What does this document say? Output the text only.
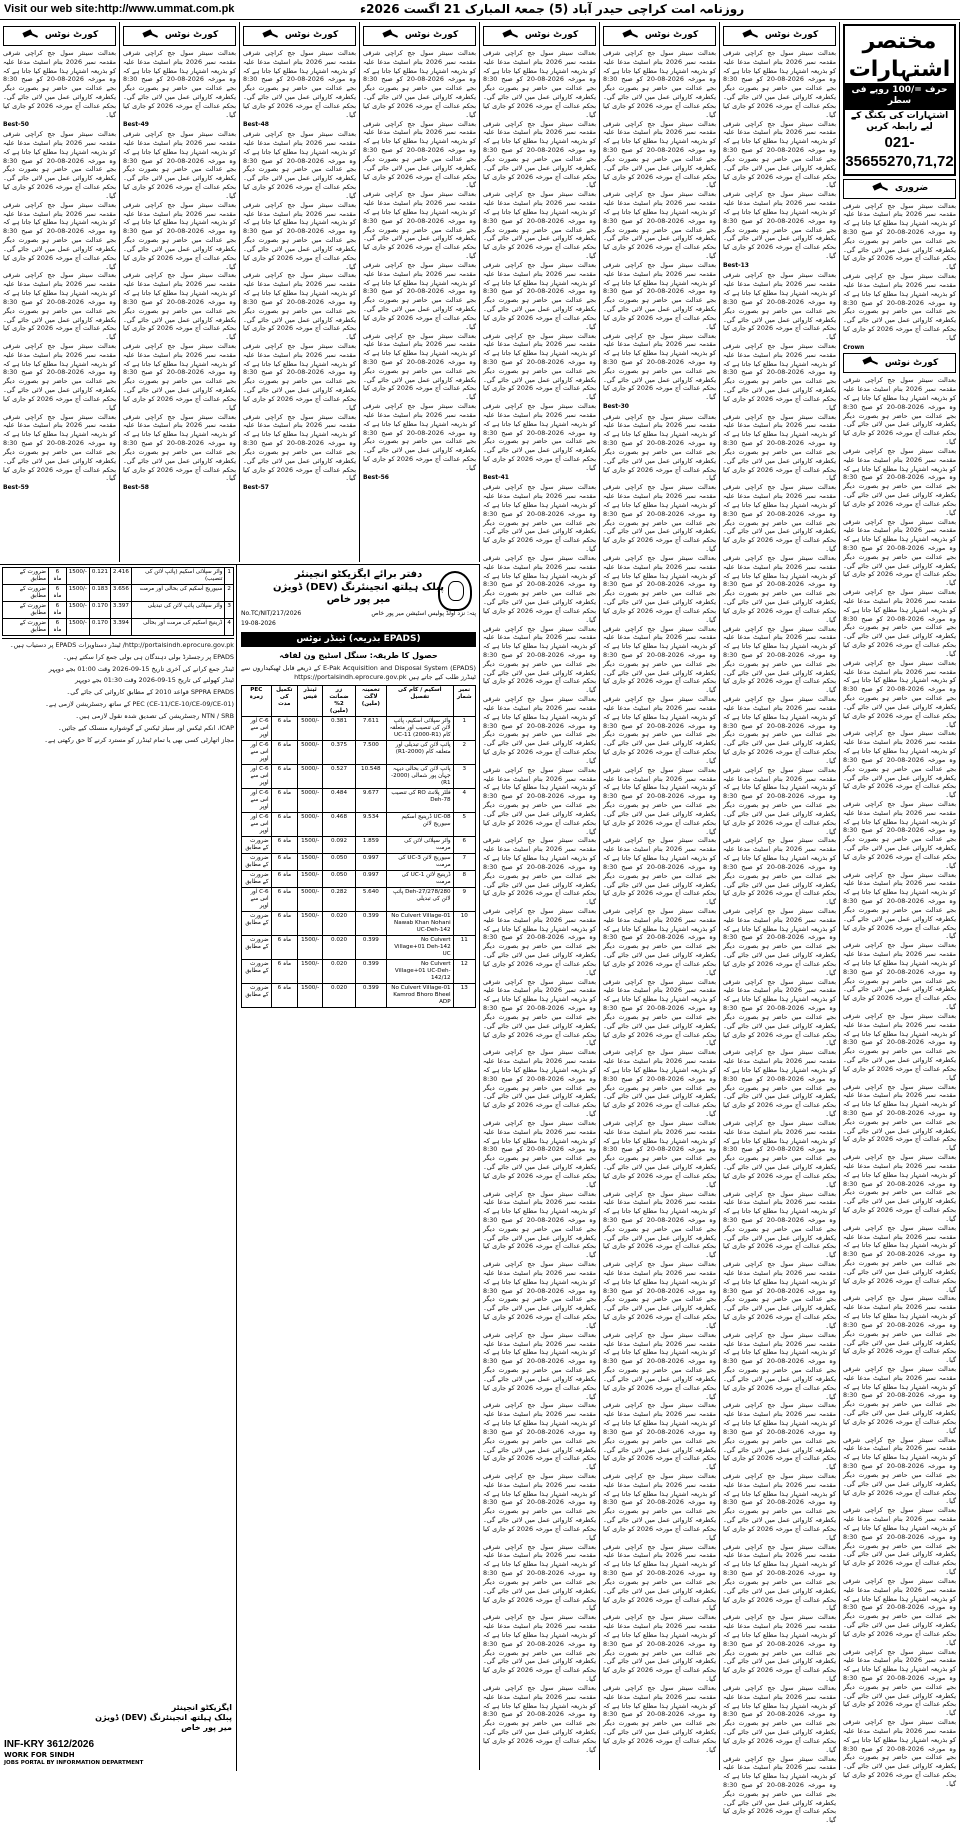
Visit our web site:http://www.ummat.com.pk	روزنامہ امت کراچی حیدر آباد (5) جمعۃ المبارک 21 اگست 2026ء
مختصر اشتہارات
حرف =/100 روپے فی سطر
اشتہارات کی بکنگ کے لیے رابطہ کریں
021-35655270,71,72
ضروری
بعدالت سینئر سول جج کراچی شرقی مقدمہ نمبر 2026 بنام اسٹیٹ مدعا علیہ کو بذریعہ اشتہار ہذا مطلع کیا جاتا ہے کہ وہ مورخہ 2026-08-20 کو صبح 8:30 بجے عدالت میں حاضر ہو بصورت دیگر یکطرفہ کاروائی عمل میں لائی جائے گی۔ بحکم عدالت آج مورخہ 2026 کو جاری کیا گیا۔
بعدالت سینئر سول جج کراچی شرقی مقدمہ نمبر 2026 بنام اسٹیٹ مدعا علیہ کو بذریعہ اشتہار ہذا مطلع کیا جاتا ہے کہ وہ مورخہ 2026-08-20 کو صبح 8:30 بجے عدالت میں حاضر ہو بصورت دیگر یکطرفہ کاروائی عمل میں لائی جائے گی۔ بحکم عدالت آج مورخہ 2026 کو جاری کیا گیا۔
Crown
کورٹ نوٹس
بعدالت سینئر سول جج کراچی شرقی مقدمہ نمبر 2026 بنام اسٹیٹ مدعا علیہ کو بذریعہ اشتہار ہذا مطلع کیا جاتا ہے کہ وہ مورخہ 2026-08-20 کو صبح 8:30 بجے عدالت میں حاضر ہو بصورت دیگر یکطرفہ کاروائی عمل میں لائی جائے گی۔ بحکم عدالت آج مورخہ 2026 کو جاری کیا گیا۔
بعدالت سینئر سول جج کراچی شرقی مقدمہ نمبر 2026 بنام اسٹیٹ مدعا علیہ کو بذریعہ اشتہار ہذا مطلع کیا جاتا ہے کہ وہ مورخہ 2026-08-20 کو صبح 8:30 بجے عدالت میں حاضر ہو بصورت دیگر یکطرفہ کاروائی عمل میں لائی جائے گی۔ بحکم عدالت آج مورخہ 2026 کو جاری کیا گیا۔
بعدالت سینئر سول جج کراچی شرقی مقدمہ نمبر 2026 بنام اسٹیٹ مدعا علیہ کو بذریعہ اشتہار ہذا مطلع کیا جاتا ہے کہ وہ مورخہ 2026-08-20 کو صبح 8:30 بجے عدالت میں حاضر ہو بصورت دیگر یکطرفہ کاروائی عمل میں لائی جائے گی۔ بحکم عدالت آج مورخہ 2026 کو جاری کیا گیا۔
بعدالت سینئر سول جج کراچی شرقی مقدمہ نمبر 2026 بنام اسٹیٹ مدعا علیہ کو بذریعہ اشتہار ہذا مطلع کیا جاتا ہے کہ وہ مورخہ 2026-08-20 کو صبح 8:30 بجے عدالت میں حاضر ہو بصورت دیگر یکطرفہ کاروائی عمل میں لائی جائے گی۔ بحکم عدالت آج مورخہ 2026 کو جاری کیا گیا۔
بعدالت سینئر سول جج کراچی شرقی مقدمہ نمبر 2026 بنام اسٹیٹ مدعا علیہ کو بذریعہ اشتہار ہذا مطلع کیا جاتا ہے کہ وہ مورخہ 2026-08-20 کو صبح 8:30 بجے عدالت میں حاضر ہو بصورت دیگر یکطرفہ کاروائی عمل میں لائی جائے گی۔ بحکم عدالت آج مورخہ 2026 کو جاری کیا گیا۔
بعدالت سینئر سول جج کراچی شرقی مقدمہ نمبر 2026 بنام اسٹیٹ مدعا علیہ کو بذریعہ اشتہار ہذا مطلع کیا جاتا ہے کہ وہ مورخہ 2026-08-20 کو صبح 8:30 بجے عدالت میں حاضر ہو بصورت دیگر یکطرفہ کاروائی عمل میں لائی جائے گی۔ بحکم عدالت آج مورخہ 2026 کو جاری کیا گیا۔
بعدالت سینئر سول جج کراچی شرقی مقدمہ نمبر 2026 بنام اسٹیٹ مدعا علیہ کو بذریعہ اشتہار ہذا مطلع کیا جاتا ہے کہ وہ مورخہ 2026-08-20 کو صبح 8:30 بجے عدالت میں حاضر ہو بصورت دیگر یکطرفہ کاروائی عمل میں لائی جائے گی۔ بحکم عدالت آج مورخہ 2026 کو جاری کیا گیا۔
بعدالت سینئر سول جج کراچی شرقی مقدمہ نمبر 2026 بنام اسٹیٹ مدعا علیہ کو بذریعہ اشتہار ہذا مطلع کیا جاتا ہے کہ وہ مورخہ 2026-08-20 کو صبح 8:30 بجے عدالت میں حاضر ہو بصورت دیگر یکطرفہ کاروائی عمل میں لائی جائے گی۔ بحکم عدالت آج مورخہ 2026 کو جاری کیا گیا۔
بعدالت سینئر سول جج کراچی شرقی مقدمہ نمبر 2026 بنام اسٹیٹ مدعا علیہ کو بذریعہ اشتہار ہذا مطلع کیا جاتا ہے کہ وہ مورخہ 2026-08-20 کو صبح 8:30 بجے عدالت میں حاضر ہو بصورت دیگر یکطرفہ کاروائی عمل میں لائی جائے گی۔ بحکم عدالت آج مورخہ 2026 کو جاری کیا گیا۔
بعدالت سینئر سول جج کراچی شرقی مقدمہ نمبر 2026 بنام اسٹیٹ مدعا علیہ کو بذریعہ اشتہار ہذا مطلع کیا جاتا ہے کہ وہ مورخہ 2026-08-20 کو صبح 8:30 بجے عدالت میں حاضر ہو بصورت دیگر یکطرفہ کاروائی عمل میں لائی جائے گی۔ بحکم عدالت آج مورخہ 2026 کو جاری کیا گیا۔
بعدالت سینئر سول جج کراچی شرقی مقدمہ نمبر 2026 بنام اسٹیٹ مدعا علیہ کو بذریعہ اشتہار ہذا مطلع کیا جاتا ہے کہ وہ مورخہ 2026-08-20 کو صبح 8:30 بجے عدالت میں حاضر ہو بصورت دیگر یکطرفہ کاروائی عمل میں لائی جائے گی۔ بحکم عدالت آج مورخہ 2026 کو جاری کیا گیا۔
بعدالت سینئر سول جج کراچی شرقی مقدمہ نمبر 2026 بنام اسٹیٹ مدعا علیہ کو بذریعہ اشتہار ہذا مطلع کیا جاتا ہے کہ وہ مورخہ 2026-08-20 کو صبح 8:30 بجے عدالت میں حاضر ہو بصورت دیگر یکطرفہ کاروائی عمل میں لائی جائے گی۔ بحکم عدالت آج مورخہ 2026 کو جاری کیا گیا۔
بعدالت سینئر سول جج کراچی شرقی مقدمہ نمبر 2026 بنام اسٹیٹ مدعا علیہ کو بذریعہ اشتہار ہذا مطلع کیا جاتا ہے کہ وہ مورخہ 2026-08-20 کو صبح 8:30 بجے عدالت میں حاضر ہو بصورت دیگر یکطرفہ کاروائی عمل میں لائی جائے گی۔ بحکم عدالت آج مورخہ 2026 کو جاری کیا گیا۔
بعدالت سینئر سول جج کراچی شرقی مقدمہ نمبر 2026 بنام اسٹیٹ مدعا علیہ کو بذریعہ اشتہار ہذا مطلع کیا جاتا ہے کہ وہ مورخہ 2026-08-20 کو صبح 8:30 بجے عدالت میں حاضر ہو بصورت دیگر یکطرفہ کاروائی عمل میں لائی جائے گی۔ بحکم عدالت آج مورخہ 2026 کو جاری کیا گیا۔
بعدالت سینئر سول جج کراچی شرقی مقدمہ نمبر 2026 بنام اسٹیٹ مدعا علیہ کو بذریعہ اشتہار ہذا مطلع کیا جاتا ہے کہ وہ مورخہ 2026-08-20 کو صبح 8:30 بجے عدالت میں حاضر ہو بصورت دیگر یکطرفہ کاروائی عمل میں لائی جائے گی۔ بحکم عدالت آج مورخہ 2026 کو جاری کیا گیا۔
بعدالت سینئر سول جج کراچی شرقی مقدمہ نمبر 2026 بنام اسٹیٹ مدعا علیہ کو بذریعہ اشتہار ہذا مطلع کیا جاتا ہے کہ وہ مورخہ 2026-08-20 کو صبح 8:30 بجے عدالت میں حاضر ہو بصورت دیگر یکطرفہ کاروائی عمل میں لائی جائے گی۔ بحکم عدالت آج مورخہ 2026 کو جاری کیا گیا۔
بعدالت سینئر سول جج کراچی شرقی مقدمہ نمبر 2026 بنام اسٹیٹ مدعا علیہ کو بذریعہ اشتہار ہذا مطلع کیا جاتا ہے کہ وہ مورخہ 2026-08-20 کو صبح 8:30 بجے عدالت میں حاضر ہو بصورت دیگر یکطرفہ کاروائی عمل میں لائی جائے گی۔ بحکم عدالت آج مورخہ 2026 کو جاری کیا گیا۔
بعدالت سینئر سول جج کراچی شرقی مقدمہ نمبر 2026 بنام اسٹیٹ مدعا علیہ کو بذریعہ اشتہار ہذا مطلع کیا جاتا ہے کہ وہ مورخہ 2026-08-20 کو صبح 8:30 بجے عدالت میں حاضر ہو بصورت دیگر یکطرفہ کاروائی عمل میں لائی جائے گی۔ بحکم عدالت آج مورخہ 2026 کو جاری کیا گیا۔
بعدالت سینئر سول جج کراچی شرقی مقدمہ نمبر 2026 بنام اسٹیٹ مدعا علیہ کو بذریعہ اشتہار ہذا مطلع کیا جاتا ہے کہ وہ مورخہ 2026-08-20 کو صبح 8:30 بجے عدالت میں حاضر ہو بصورت دیگر یکطرفہ کاروائی عمل میں لائی جائے گی۔ بحکم عدالت آج مورخہ 2026 کو جاری کیا گیا۔
بعدالت سینئر سول جج کراچی شرقی مقدمہ نمبر 2026 بنام اسٹیٹ مدعا علیہ کو بذریعہ اشتہار ہذا مطلع کیا جاتا ہے کہ وہ مورخہ 2026-08-20 کو صبح 8:30 بجے عدالت میں حاضر ہو بصورت دیگر یکطرفہ کاروائی عمل میں لائی جائے گی۔ بحکم عدالت آج مورخہ 2026 کو جاری کیا گیا۔
کورٹ نوٹس
بعدالت سینئر سول جج کراچی شرقی مقدمہ نمبر 2026 بنام اسٹیٹ مدعا علیہ کو بذریعہ اشتہار ہذا مطلع کیا جاتا ہے کہ وہ مورخہ 2026-08-20 کو صبح 8:30 بجے عدالت میں حاضر ہو بصورت دیگر یکطرفہ کاروائی عمل میں لائی جائے گی۔ بحکم عدالت آج مورخہ 2026 کو جاری کیا گیا۔
بعدالت سینئر سول جج کراچی شرقی مقدمہ نمبر 2026 بنام اسٹیٹ مدعا علیہ کو بذریعہ اشتہار ہذا مطلع کیا جاتا ہے کہ وہ مورخہ 2026-08-20 کو صبح 8:30 بجے عدالت میں حاضر ہو بصورت دیگر یکطرفہ کاروائی عمل میں لائی جائے گی۔ بحکم عدالت آج مورخہ 2026 کو جاری کیا گیا۔
بعدالت سینئر سول جج کراچی شرقی مقدمہ نمبر 2026 بنام اسٹیٹ مدعا علیہ کو بذریعہ اشتہار ہذا مطلع کیا جاتا ہے کہ وہ مورخہ 2026-08-20 کو صبح 8:30 بجے عدالت میں حاضر ہو بصورت دیگر یکطرفہ کاروائی عمل میں لائی جائے گی۔ بحکم عدالت آج مورخہ 2026 کو جاری کیا گیا۔
Best-13
بعدالت سینئر سول جج کراچی شرقی مقدمہ نمبر 2026 بنام اسٹیٹ مدعا علیہ کو بذریعہ اشتہار ہذا مطلع کیا جاتا ہے کہ وہ مورخہ 2026-08-20 کو صبح 8:30 بجے عدالت میں حاضر ہو بصورت دیگر یکطرفہ کاروائی عمل میں لائی جائے گی۔ بحکم عدالت آج مورخہ 2026 کو جاری کیا گیا۔
بعدالت سینئر سول جج کراچی شرقی مقدمہ نمبر 2026 بنام اسٹیٹ مدعا علیہ کو بذریعہ اشتہار ہذا مطلع کیا جاتا ہے کہ وہ مورخہ 2026-08-20 کو صبح 8:30 بجے عدالت میں حاضر ہو بصورت دیگر یکطرفہ کاروائی عمل میں لائی جائے گی۔ بحکم عدالت آج مورخہ 2026 کو جاری کیا گیا۔
بعدالت سینئر سول جج کراچی شرقی مقدمہ نمبر 2026 بنام اسٹیٹ مدعا علیہ کو بذریعہ اشتہار ہذا مطلع کیا جاتا ہے کہ وہ مورخہ 2026-08-20 کو صبح 8:30 بجے عدالت میں حاضر ہو بصورت دیگر یکطرفہ کاروائی عمل میں لائی جائے گی۔ بحکم عدالت آج مورخہ 2026 کو جاری کیا گیا۔
بعدالت سینئر سول جج کراچی شرقی مقدمہ نمبر 2026 بنام اسٹیٹ مدعا علیہ کو بذریعہ اشتہار ہذا مطلع کیا جاتا ہے کہ وہ مورخہ 2026-08-20 کو صبح 8:30 بجے عدالت میں حاضر ہو بصورت دیگر یکطرفہ کاروائی عمل میں لائی جائے گی۔ بحکم عدالت آج مورخہ 2026 کو جاری کیا گیا۔
بعدالت سینئر سول جج کراچی شرقی مقدمہ نمبر 2026 بنام اسٹیٹ مدعا علیہ کو بذریعہ اشتہار ہذا مطلع کیا جاتا ہے کہ وہ مورخہ 2026-08-20 کو صبح 8:30 بجے عدالت میں حاضر ہو بصورت دیگر یکطرفہ کاروائی عمل میں لائی جائے گی۔ بحکم عدالت آج مورخہ 2026 کو جاری کیا گیا۔
بعدالت سینئر سول جج کراچی شرقی مقدمہ نمبر 2026 بنام اسٹیٹ مدعا علیہ کو بذریعہ اشتہار ہذا مطلع کیا جاتا ہے کہ وہ مورخہ 2026-08-20 کو صبح 8:30 بجے عدالت میں حاضر ہو بصورت دیگر یکطرفہ کاروائی عمل میں لائی جائے گی۔ بحکم عدالت آج مورخہ 2026 کو جاری کیا گیا۔
بعدالت سینئر سول جج کراچی شرقی مقدمہ نمبر 2026 بنام اسٹیٹ مدعا علیہ کو بذریعہ اشتہار ہذا مطلع کیا جاتا ہے کہ وہ مورخہ 2026-08-20 کو صبح 8:30 بجے عدالت میں حاضر ہو بصورت دیگر یکطرفہ کاروائی عمل میں لائی جائے گی۔ بحکم عدالت آج مورخہ 2026 کو جاری کیا گیا۔
بعدالت سینئر سول جج کراچی شرقی مقدمہ نمبر 2026 بنام اسٹیٹ مدعا علیہ کو بذریعہ اشتہار ہذا مطلع کیا جاتا ہے کہ وہ مورخہ 2026-08-20 کو صبح 8:30 بجے عدالت میں حاضر ہو بصورت دیگر یکطرفہ کاروائی عمل میں لائی جائے گی۔ بحکم عدالت آج مورخہ 2026 کو جاری کیا گیا۔
بعدالت سینئر سول جج کراچی شرقی مقدمہ نمبر 2026 بنام اسٹیٹ مدعا علیہ کو بذریعہ اشتہار ہذا مطلع کیا جاتا ہے کہ وہ مورخہ 2026-08-20 کو صبح 8:30 بجے عدالت میں حاضر ہو بصورت دیگر یکطرفہ کاروائی عمل میں لائی جائے گی۔ بحکم عدالت آج مورخہ 2026 کو جاری کیا گیا۔
بعدالت سینئر سول جج کراچی شرقی مقدمہ نمبر 2026 بنام اسٹیٹ مدعا علیہ کو بذریعہ اشتہار ہذا مطلع کیا جاتا ہے کہ وہ مورخہ 2026-08-20 کو صبح 8:30 بجے عدالت میں حاضر ہو بصورت دیگر یکطرفہ کاروائی عمل میں لائی جائے گی۔ بحکم عدالت آج مورخہ 2026 کو جاری کیا گیا۔
بعدالت سینئر سول جج کراچی شرقی مقدمہ نمبر 2026 بنام اسٹیٹ مدعا علیہ کو بذریعہ اشتہار ہذا مطلع کیا جاتا ہے کہ وہ مورخہ 2026-08-20 کو صبح 8:30 بجے عدالت میں حاضر ہو بصورت دیگر یکطرفہ کاروائی عمل میں لائی جائے گی۔ بحکم عدالت آج مورخہ 2026 کو جاری کیا گیا۔
بعدالت سینئر سول جج کراچی شرقی مقدمہ نمبر 2026 بنام اسٹیٹ مدعا علیہ کو بذریعہ اشتہار ہذا مطلع کیا جاتا ہے کہ وہ مورخہ 2026-08-20 کو صبح 8:30 بجے عدالت میں حاضر ہو بصورت دیگر یکطرفہ کاروائی عمل میں لائی جائے گی۔ بحکم عدالت آج مورخہ 2026 کو جاری کیا گیا۔
بعدالت سینئر سول جج کراچی شرقی مقدمہ نمبر 2026 بنام اسٹیٹ مدعا علیہ کو بذریعہ اشتہار ہذا مطلع کیا جاتا ہے کہ وہ مورخہ 2026-08-20 کو صبح 8:30 بجے عدالت میں حاضر ہو بصورت دیگر یکطرفہ کاروائی عمل میں لائی جائے گی۔ بحکم عدالت آج مورخہ 2026 کو جاری کیا گیا۔
بعدالت سینئر سول جج کراچی شرقی مقدمہ نمبر 2026 بنام اسٹیٹ مدعا علیہ کو بذریعہ اشتہار ہذا مطلع کیا جاتا ہے کہ وہ مورخہ 2026-08-20 کو صبح 8:30 بجے عدالت میں حاضر ہو بصورت دیگر یکطرفہ کاروائی عمل میں لائی جائے گی۔ بحکم عدالت آج مورخہ 2026 کو جاری کیا گیا۔
بعدالت سینئر سول جج کراچی شرقی مقدمہ نمبر 2026 بنام اسٹیٹ مدعا علیہ کو بذریعہ اشتہار ہذا مطلع کیا جاتا ہے کہ وہ مورخہ 2026-08-20 کو صبح 8:30 بجے عدالت میں حاضر ہو بصورت دیگر یکطرفہ کاروائی عمل میں لائی جائے گی۔ بحکم عدالت آج مورخہ 2026 کو جاری کیا گیا۔
بعدالت سینئر سول جج کراچی شرقی مقدمہ نمبر 2026 بنام اسٹیٹ مدعا علیہ کو بذریعہ اشتہار ہذا مطلع کیا جاتا ہے کہ وہ مورخہ 2026-08-20 کو صبح 8:30 بجے عدالت میں حاضر ہو بصورت دیگر یکطرفہ کاروائی عمل میں لائی جائے گی۔ بحکم عدالت آج مورخہ 2026 کو جاری کیا گیا۔
بعدالت سینئر سول جج کراچی شرقی مقدمہ نمبر 2026 بنام اسٹیٹ مدعا علیہ کو بذریعہ اشتہار ہذا مطلع کیا جاتا ہے کہ وہ مورخہ 2026-08-20 کو صبح 8:30 بجے عدالت میں حاضر ہو بصورت دیگر یکطرفہ کاروائی عمل میں لائی جائے گی۔ بحکم عدالت آج مورخہ 2026 کو جاری کیا گیا۔
بعدالت سینئر سول جج کراچی شرقی مقدمہ نمبر 2026 بنام اسٹیٹ مدعا علیہ کو بذریعہ اشتہار ہذا مطلع کیا جاتا ہے کہ وہ مورخہ 2026-08-20 کو صبح 8:30 بجے عدالت میں حاضر ہو بصورت دیگر یکطرفہ کاروائی عمل میں لائی جائے گی۔ بحکم عدالت آج مورخہ 2026 کو جاری کیا گیا۔
بعدالت سینئر سول جج کراچی شرقی مقدمہ نمبر 2026 بنام اسٹیٹ مدعا علیہ کو بذریعہ اشتہار ہذا مطلع کیا جاتا ہے کہ وہ مورخہ 2026-08-20 کو صبح 8:30 بجے عدالت میں حاضر ہو بصورت دیگر یکطرفہ کاروائی عمل میں لائی جائے گی۔ بحکم عدالت آج مورخہ 2026 کو جاری کیا گیا۔
بعدالت سینئر سول جج کراچی شرقی مقدمہ نمبر 2026 بنام اسٹیٹ مدعا علیہ کو بذریعہ اشتہار ہذا مطلع کیا جاتا ہے کہ وہ مورخہ 2026-08-20 کو صبح 8:30 بجے عدالت میں حاضر ہو بصورت دیگر یکطرفہ کاروائی عمل میں لائی جائے گی۔ بحکم عدالت آج مورخہ 2026 کو جاری کیا گیا۔
بعدالت سینئر سول جج کراچی شرقی مقدمہ نمبر 2026 بنام اسٹیٹ مدعا علیہ کو بذریعہ اشتہار ہذا مطلع کیا جاتا ہے کہ وہ مورخہ 2026-08-20 کو صبح 8:30 بجے عدالت میں حاضر ہو بصورت دیگر یکطرفہ کاروائی عمل میں لائی جائے گی۔ بحکم عدالت آج مورخہ 2026 کو جاری کیا گیا۔
بعدالت سینئر سول جج کراچی شرقی مقدمہ نمبر 2026 بنام اسٹیٹ مدعا علیہ کو بذریعہ اشتہار ہذا مطلع کیا جاتا ہے کہ وہ مورخہ 2026-08-20 کو صبح 8:30 بجے عدالت میں حاضر ہو بصورت دیگر یکطرفہ کاروائی عمل میں لائی جائے گی۔ بحکم عدالت آج مورخہ 2026 کو جاری کیا گیا۔
کورٹ نوٹس
بعدالت سینئر سول جج کراچی شرقی مقدمہ نمبر 2026 بنام اسٹیٹ مدعا علیہ کو بذریعہ اشتہار ہذا مطلع کیا جاتا ہے کہ وہ مورخہ 2026-08-20 کو صبح 8:30 بجے عدالت میں حاضر ہو بصورت دیگر یکطرفہ کاروائی عمل میں لائی جائے گی۔ بحکم عدالت آج مورخہ 2026 کو جاری کیا گیا۔
بعدالت سینئر سول جج کراچی شرقی مقدمہ نمبر 2026 بنام اسٹیٹ مدعا علیہ کو بذریعہ اشتہار ہذا مطلع کیا جاتا ہے کہ وہ مورخہ 2026-08-20 کو صبح 8:30 بجے عدالت میں حاضر ہو بصورت دیگر یکطرفہ کاروائی عمل میں لائی جائے گی۔ بحکم عدالت آج مورخہ 2026 کو جاری کیا گیا۔
بعدالت سینئر سول جج کراچی شرقی مقدمہ نمبر 2026 بنام اسٹیٹ مدعا علیہ کو بذریعہ اشتہار ہذا مطلع کیا جاتا ہے کہ وہ مورخہ 2026-08-20 کو صبح 8:30 بجے عدالت میں حاضر ہو بصورت دیگر یکطرفہ کاروائی عمل میں لائی جائے گی۔ بحکم عدالت آج مورخہ 2026 کو جاری کیا گیا۔
بعدالت سینئر سول جج کراچی شرقی مقدمہ نمبر 2026 بنام اسٹیٹ مدعا علیہ کو بذریعہ اشتہار ہذا مطلع کیا جاتا ہے کہ وہ مورخہ 2026-08-20 کو صبح 8:30 بجے عدالت میں حاضر ہو بصورت دیگر یکطرفہ کاروائی عمل میں لائی جائے گی۔ بحکم عدالت آج مورخہ 2026 کو جاری کیا گیا۔
بعدالت سینئر سول جج کراچی شرقی مقدمہ نمبر 2026 بنام اسٹیٹ مدعا علیہ کو بذریعہ اشتہار ہذا مطلع کیا جاتا ہے کہ وہ مورخہ 2026-08-20 کو صبح 8:30 بجے عدالت میں حاضر ہو بصورت دیگر یکطرفہ کاروائی عمل میں لائی جائے گی۔ بحکم عدالت آج مورخہ 2026 کو جاری کیا گیا۔
Best-30
بعدالت سینئر سول جج کراچی شرقی مقدمہ نمبر 2026 بنام اسٹیٹ مدعا علیہ کو بذریعہ اشتہار ہذا مطلع کیا جاتا ہے کہ وہ مورخہ 2026-08-20 کو صبح 8:30 بجے عدالت میں حاضر ہو بصورت دیگر یکطرفہ کاروائی عمل میں لائی جائے گی۔ بحکم عدالت آج مورخہ 2026 کو جاری کیا گیا۔
بعدالت سینئر سول جج کراچی شرقی مقدمہ نمبر 2026 بنام اسٹیٹ مدعا علیہ کو بذریعہ اشتہار ہذا مطلع کیا جاتا ہے کہ وہ مورخہ 2026-08-20 کو صبح 8:30 بجے عدالت میں حاضر ہو بصورت دیگر یکطرفہ کاروائی عمل میں لائی جائے گی۔ بحکم عدالت آج مورخہ 2026 کو جاری کیا گیا۔
بعدالت سینئر سول جج کراچی شرقی مقدمہ نمبر 2026 بنام اسٹیٹ مدعا علیہ کو بذریعہ اشتہار ہذا مطلع کیا جاتا ہے کہ وہ مورخہ 2026-08-20 کو صبح 8:30 بجے عدالت میں حاضر ہو بصورت دیگر یکطرفہ کاروائی عمل میں لائی جائے گی۔ بحکم عدالت آج مورخہ 2026 کو جاری کیا گیا۔
بعدالت سینئر سول جج کراچی شرقی مقدمہ نمبر 2026 بنام اسٹیٹ مدعا علیہ کو بذریعہ اشتہار ہذا مطلع کیا جاتا ہے کہ وہ مورخہ 2026-08-20 کو صبح 8:30 بجے عدالت میں حاضر ہو بصورت دیگر یکطرفہ کاروائی عمل میں لائی جائے گی۔ بحکم عدالت آج مورخہ 2026 کو جاری کیا گیا۔
بعدالت سینئر سول جج کراچی شرقی مقدمہ نمبر 2026 بنام اسٹیٹ مدعا علیہ کو بذریعہ اشتہار ہذا مطلع کیا جاتا ہے کہ وہ مورخہ 2026-08-20 کو صبح 8:30 بجے عدالت میں حاضر ہو بصورت دیگر یکطرفہ کاروائی عمل میں لائی جائے گی۔ بحکم عدالت آج مورخہ 2026 کو جاری کیا گیا۔
بعدالت سینئر سول جج کراچی شرقی مقدمہ نمبر 2026 بنام اسٹیٹ مدعا علیہ کو بذریعہ اشتہار ہذا مطلع کیا جاتا ہے کہ وہ مورخہ 2026-08-20 کو صبح 8:30 بجے عدالت میں حاضر ہو بصورت دیگر یکطرفہ کاروائی عمل میں لائی جائے گی۔ بحکم عدالت آج مورخہ 2026 کو جاری کیا گیا۔
بعدالت سینئر سول جج کراچی شرقی مقدمہ نمبر 2026 بنام اسٹیٹ مدعا علیہ کو بذریعہ اشتہار ہذا مطلع کیا جاتا ہے کہ وہ مورخہ 2026-08-20 کو صبح 8:30 بجے عدالت میں حاضر ہو بصورت دیگر یکطرفہ کاروائی عمل میں لائی جائے گی۔ بحکم عدالت آج مورخہ 2026 کو جاری کیا گیا۔
بعدالت سینئر سول جج کراچی شرقی مقدمہ نمبر 2026 بنام اسٹیٹ مدعا علیہ کو بذریعہ اشتہار ہذا مطلع کیا جاتا ہے کہ وہ مورخہ 2026-08-20 کو صبح 8:30 بجے عدالت میں حاضر ہو بصورت دیگر یکطرفہ کاروائی عمل میں لائی جائے گی۔ بحکم عدالت آج مورخہ 2026 کو جاری کیا گیا۔
بعدالت سینئر سول جج کراچی شرقی مقدمہ نمبر 2026 بنام اسٹیٹ مدعا علیہ کو بذریعہ اشتہار ہذا مطلع کیا جاتا ہے کہ وہ مورخہ 2026-08-20 کو صبح 8:30 بجے عدالت میں حاضر ہو بصورت دیگر یکطرفہ کاروائی عمل میں لائی جائے گی۔ بحکم عدالت آج مورخہ 2026 کو جاری کیا گیا۔
بعدالت سینئر سول جج کراچی شرقی مقدمہ نمبر 2026 بنام اسٹیٹ مدعا علیہ کو بذریعہ اشتہار ہذا مطلع کیا جاتا ہے کہ وہ مورخہ 2026-08-20 کو صبح 8:30 بجے عدالت میں حاضر ہو بصورت دیگر یکطرفہ کاروائی عمل میں لائی جائے گی۔ بحکم عدالت آج مورخہ 2026 کو جاری کیا گیا۔
بعدالت سینئر سول جج کراچی شرقی مقدمہ نمبر 2026 بنام اسٹیٹ مدعا علیہ کو بذریعہ اشتہار ہذا مطلع کیا جاتا ہے کہ وہ مورخہ 2026-08-20 کو صبح 8:30 بجے عدالت میں حاضر ہو بصورت دیگر یکطرفہ کاروائی عمل میں لائی جائے گی۔ بحکم عدالت آج مورخہ 2026 کو جاری کیا گیا۔
بعدالت سینئر سول جج کراچی شرقی مقدمہ نمبر 2026 بنام اسٹیٹ مدعا علیہ کو بذریعہ اشتہار ہذا مطلع کیا جاتا ہے کہ وہ مورخہ 2026-08-20 کو صبح 8:30 بجے عدالت میں حاضر ہو بصورت دیگر یکطرفہ کاروائی عمل میں لائی جائے گی۔ بحکم عدالت آج مورخہ 2026 کو جاری کیا گیا۔
بعدالت سینئر سول جج کراچی شرقی مقدمہ نمبر 2026 بنام اسٹیٹ مدعا علیہ کو بذریعہ اشتہار ہذا مطلع کیا جاتا ہے کہ وہ مورخہ 2026-08-20 کو صبح 8:30 بجے عدالت میں حاضر ہو بصورت دیگر یکطرفہ کاروائی عمل میں لائی جائے گی۔ بحکم عدالت آج مورخہ 2026 کو جاری کیا گیا۔
بعدالت سینئر سول جج کراچی شرقی مقدمہ نمبر 2026 بنام اسٹیٹ مدعا علیہ کو بذریعہ اشتہار ہذا مطلع کیا جاتا ہے کہ وہ مورخہ 2026-08-20 کو صبح 8:30 بجے عدالت میں حاضر ہو بصورت دیگر یکطرفہ کاروائی عمل میں لائی جائے گی۔ بحکم عدالت آج مورخہ 2026 کو جاری کیا گیا۔
بعدالت سینئر سول جج کراچی شرقی مقدمہ نمبر 2026 بنام اسٹیٹ مدعا علیہ کو بذریعہ اشتہار ہذا مطلع کیا جاتا ہے کہ وہ مورخہ 2026-08-20 کو صبح 8:30 بجے عدالت میں حاضر ہو بصورت دیگر یکطرفہ کاروائی عمل میں لائی جائے گی۔ بحکم عدالت آج مورخہ 2026 کو جاری کیا گیا۔
بعدالت سینئر سول جج کراچی شرقی مقدمہ نمبر 2026 بنام اسٹیٹ مدعا علیہ کو بذریعہ اشتہار ہذا مطلع کیا جاتا ہے کہ وہ مورخہ 2026-08-20 کو صبح 8:30 بجے عدالت میں حاضر ہو بصورت دیگر یکطرفہ کاروائی عمل میں لائی جائے گی۔ بحکم عدالت آج مورخہ 2026 کو جاری کیا گیا۔
بعدالت سینئر سول جج کراچی شرقی مقدمہ نمبر 2026 بنام اسٹیٹ مدعا علیہ کو بذریعہ اشتہار ہذا مطلع کیا جاتا ہے کہ وہ مورخہ 2026-08-20 کو صبح 8:30 بجے عدالت میں حاضر ہو بصورت دیگر یکطرفہ کاروائی عمل میں لائی جائے گی۔ بحکم عدالت آج مورخہ 2026 کو جاری کیا گیا۔
بعدالت سینئر سول جج کراچی شرقی مقدمہ نمبر 2026 بنام اسٹیٹ مدعا علیہ کو بذریعہ اشتہار ہذا مطلع کیا جاتا ہے کہ وہ مورخہ 2026-08-20 کو صبح 8:30 بجے عدالت میں حاضر ہو بصورت دیگر یکطرفہ کاروائی عمل میں لائی جائے گی۔ بحکم عدالت آج مورخہ 2026 کو جاری کیا گیا۔
بعدالت سینئر سول جج کراچی شرقی مقدمہ نمبر 2026 بنام اسٹیٹ مدعا علیہ کو بذریعہ اشتہار ہذا مطلع کیا جاتا ہے کہ وہ مورخہ 2026-08-20 کو صبح 8:30 بجے عدالت میں حاضر ہو بصورت دیگر یکطرفہ کاروائی عمل میں لائی جائے گی۔ بحکم عدالت آج مورخہ 2026 کو جاری کیا گیا۔
کورٹ نوٹس
بعدالت سینئر سول جج کراچی شرقی مقدمہ نمبر 2026 بنام اسٹیٹ مدعا علیہ کو بذریعہ اشتہار ہذا مطلع کیا جاتا ہے کہ وہ مورخہ 2026-08-20 کو صبح 8:30 بجے عدالت میں حاضر ہو بصورت دیگر یکطرفہ کاروائی عمل میں لائی جائے گی۔ بحکم عدالت آج مورخہ 2026 کو جاری کیا گیا۔
بعدالت سینئر سول جج کراچی شرقی مقدمہ نمبر 2026 بنام اسٹیٹ مدعا علیہ کو بذریعہ اشتہار ہذا مطلع کیا جاتا ہے کہ وہ مورخہ 2026-08-20 کو صبح 8:30 بجے عدالت میں حاضر ہو بصورت دیگر یکطرفہ کاروائی عمل میں لائی جائے گی۔ بحکم عدالت آج مورخہ 2026 کو جاری کیا گیا۔
بعدالت سینئر سول جج کراچی شرقی مقدمہ نمبر 2026 بنام اسٹیٹ مدعا علیہ کو بذریعہ اشتہار ہذا مطلع کیا جاتا ہے کہ وہ مورخہ 2026-08-20 کو صبح 8:30 بجے عدالت میں حاضر ہو بصورت دیگر یکطرفہ کاروائی عمل میں لائی جائے گی۔ بحکم عدالت آج مورخہ 2026 کو جاری کیا گیا۔
بعدالت سینئر سول جج کراچی شرقی مقدمہ نمبر 2026 بنام اسٹیٹ مدعا علیہ کو بذریعہ اشتہار ہذا مطلع کیا جاتا ہے کہ وہ مورخہ 2026-08-20 کو صبح 8:30 بجے عدالت میں حاضر ہو بصورت دیگر یکطرفہ کاروائی عمل میں لائی جائے گی۔ بحکم عدالت آج مورخہ 2026 کو جاری کیا گیا۔
بعدالت سینئر سول جج کراچی شرقی مقدمہ نمبر 2026 بنام اسٹیٹ مدعا علیہ کو بذریعہ اشتہار ہذا مطلع کیا جاتا ہے کہ وہ مورخہ 2026-08-20 کو صبح 8:30 بجے عدالت میں حاضر ہو بصورت دیگر یکطرفہ کاروائی عمل میں لائی جائے گی۔ بحکم عدالت آج مورخہ 2026 کو جاری کیا گیا۔
بعدالت سینئر سول جج کراچی شرقی مقدمہ نمبر 2026 بنام اسٹیٹ مدعا علیہ کو بذریعہ اشتہار ہذا مطلع کیا جاتا ہے کہ وہ مورخہ 2026-08-20 کو صبح 8:30 بجے عدالت میں حاضر ہو بصورت دیگر یکطرفہ کاروائی عمل میں لائی جائے گی۔ بحکم عدالت آج مورخہ 2026 کو جاری کیا گیا۔
Best-41
بعدالت سینئر سول جج کراچی شرقی مقدمہ نمبر 2026 بنام اسٹیٹ مدعا علیہ کو بذریعہ اشتہار ہذا مطلع کیا جاتا ہے کہ وہ مورخہ 2026-08-20 کو صبح 8:30 بجے عدالت میں حاضر ہو بصورت دیگر یکطرفہ کاروائی عمل میں لائی جائے گی۔ بحکم عدالت آج مورخہ 2026 کو جاری کیا گیا۔
بعدالت سینئر سول جج کراچی شرقی مقدمہ نمبر 2026 بنام اسٹیٹ مدعا علیہ کو بذریعہ اشتہار ہذا مطلع کیا جاتا ہے کہ وہ مورخہ 2026-08-20 کو صبح 8:30 بجے عدالت میں حاضر ہو بصورت دیگر یکطرفہ کاروائی عمل میں لائی جائے گی۔ بحکم عدالت آج مورخہ 2026 کو جاری کیا گیا۔
بعدالت سینئر سول جج کراچی شرقی مقدمہ نمبر 2026 بنام اسٹیٹ مدعا علیہ کو بذریعہ اشتہار ہذا مطلع کیا جاتا ہے کہ وہ مورخہ 2026-08-20 کو صبح 8:30 بجے عدالت میں حاضر ہو بصورت دیگر یکطرفہ کاروائی عمل میں لائی جائے گی۔ بحکم عدالت آج مورخہ 2026 کو جاری کیا گیا۔
بعدالت سینئر سول جج کراچی شرقی مقدمہ نمبر 2026 بنام اسٹیٹ مدعا علیہ کو بذریعہ اشتہار ہذا مطلع کیا جاتا ہے کہ وہ مورخہ 2026-08-20 کو صبح 8:30 بجے عدالت میں حاضر ہو بصورت دیگر یکطرفہ کاروائی عمل میں لائی جائے گی۔ بحکم عدالت آج مورخہ 2026 کو جاری کیا گیا۔
بعدالت سینئر سول جج کراچی شرقی مقدمہ نمبر 2026 بنام اسٹیٹ مدعا علیہ کو بذریعہ اشتہار ہذا مطلع کیا جاتا ہے کہ وہ مورخہ 2026-08-20 کو صبح 8:30 بجے عدالت میں حاضر ہو بصورت دیگر یکطرفہ کاروائی عمل میں لائی جائے گی۔ بحکم عدالت آج مورخہ 2026 کو جاری کیا گیا۔
بعدالت سینئر سول جج کراچی شرقی مقدمہ نمبر 2026 بنام اسٹیٹ مدعا علیہ کو بذریعہ اشتہار ہذا مطلع کیا جاتا ہے کہ وہ مورخہ 2026-08-20 کو صبح 8:30 بجے عدالت میں حاضر ہو بصورت دیگر یکطرفہ کاروائی عمل میں لائی جائے گی۔ بحکم عدالت آج مورخہ 2026 کو جاری کیا گیا۔
بعدالت سینئر سول جج کراچی شرقی مقدمہ نمبر 2026 بنام اسٹیٹ مدعا علیہ کو بذریعہ اشتہار ہذا مطلع کیا جاتا ہے کہ وہ مورخہ 2026-08-20 کو صبح 8:30 بجے عدالت میں حاضر ہو بصورت دیگر یکطرفہ کاروائی عمل میں لائی جائے گی۔ بحکم عدالت آج مورخہ 2026 کو جاری کیا گیا۔
بعدالت سینئر سول جج کراچی شرقی مقدمہ نمبر 2026 بنام اسٹیٹ مدعا علیہ کو بذریعہ اشتہار ہذا مطلع کیا جاتا ہے کہ وہ مورخہ 2026-08-20 کو صبح 8:30 بجے عدالت میں حاضر ہو بصورت دیگر یکطرفہ کاروائی عمل میں لائی جائے گی۔ بحکم عدالت آج مورخہ 2026 کو جاری کیا گیا۔
بعدالت سینئر سول جج کراچی شرقی مقدمہ نمبر 2026 بنام اسٹیٹ مدعا علیہ کو بذریعہ اشتہار ہذا مطلع کیا جاتا ہے کہ وہ مورخہ 2026-08-20 کو صبح 8:30 بجے عدالت میں حاضر ہو بصورت دیگر یکطرفہ کاروائی عمل میں لائی جائے گی۔ بحکم عدالت آج مورخہ 2026 کو جاری کیا گیا۔
بعدالت سینئر سول جج کراچی شرقی مقدمہ نمبر 2026 بنام اسٹیٹ مدعا علیہ کو بذریعہ اشتہار ہذا مطلع کیا جاتا ہے کہ وہ مورخہ 2026-08-20 کو صبح 8:30 بجے عدالت میں حاضر ہو بصورت دیگر یکطرفہ کاروائی عمل میں لائی جائے گی۔ بحکم عدالت آج مورخہ 2026 کو جاری کیا گیا۔
بعدالت سینئر سول جج کراچی شرقی مقدمہ نمبر 2026 بنام اسٹیٹ مدعا علیہ کو بذریعہ اشتہار ہذا مطلع کیا جاتا ہے کہ وہ مورخہ 2026-08-20 کو صبح 8:30 بجے عدالت میں حاضر ہو بصورت دیگر یکطرفہ کاروائی عمل میں لائی جائے گی۔ بحکم عدالت آج مورخہ 2026 کو جاری کیا گیا۔
بعدالت سینئر سول جج کراچی شرقی مقدمہ نمبر 2026 بنام اسٹیٹ مدعا علیہ کو بذریعہ اشتہار ہذا مطلع کیا جاتا ہے کہ وہ مورخہ 2026-08-20 کو صبح 8:30 بجے عدالت میں حاضر ہو بصورت دیگر یکطرفہ کاروائی عمل میں لائی جائے گی۔ بحکم عدالت آج مورخہ 2026 کو جاری کیا گیا۔
بعدالت سینئر سول جج کراچی شرقی مقدمہ نمبر 2026 بنام اسٹیٹ مدعا علیہ کو بذریعہ اشتہار ہذا مطلع کیا جاتا ہے کہ وہ مورخہ 2026-08-20 کو صبح 8:30 بجے عدالت میں حاضر ہو بصورت دیگر یکطرفہ کاروائی عمل میں لائی جائے گی۔ بحکم عدالت آج مورخہ 2026 کو جاری کیا گیا۔
بعدالت سینئر سول جج کراچی شرقی مقدمہ نمبر 2026 بنام اسٹیٹ مدعا علیہ کو بذریعہ اشتہار ہذا مطلع کیا جاتا ہے کہ وہ مورخہ 2026-08-20 کو صبح 8:30 بجے عدالت میں حاضر ہو بصورت دیگر یکطرفہ کاروائی عمل میں لائی جائے گی۔ بحکم عدالت آج مورخہ 2026 کو جاری کیا گیا۔
بعدالت سینئر سول جج کراچی شرقی مقدمہ نمبر 2026 بنام اسٹیٹ مدعا علیہ کو بذریعہ اشتہار ہذا مطلع کیا جاتا ہے کہ وہ مورخہ 2026-08-20 کو صبح 8:30 بجے عدالت میں حاضر ہو بصورت دیگر یکطرفہ کاروائی عمل میں لائی جائے گی۔ بحکم عدالت آج مورخہ 2026 کو جاری کیا گیا۔
بعدالت سینئر سول جج کراچی شرقی مقدمہ نمبر 2026 بنام اسٹیٹ مدعا علیہ کو بذریعہ اشتہار ہذا مطلع کیا جاتا ہے کہ وہ مورخہ 2026-08-20 کو صبح 8:30 بجے عدالت میں حاضر ہو بصورت دیگر یکطرفہ کاروائی عمل میں لائی جائے گی۔ بحکم عدالت آج مورخہ 2026 کو جاری کیا گیا۔
بعدالت سینئر سول جج کراچی شرقی مقدمہ نمبر 2026 بنام اسٹیٹ مدعا علیہ کو بذریعہ اشتہار ہذا مطلع کیا جاتا ہے کہ وہ مورخہ 2026-08-20 کو صبح 8:30 بجے عدالت میں حاضر ہو بصورت دیگر یکطرفہ کاروائی عمل میں لائی جائے گی۔ بحکم عدالت آج مورخہ 2026 کو جاری کیا گیا۔
بعدالت سینئر سول جج کراچی شرقی مقدمہ نمبر 2026 بنام اسٹیٹ مدعا علیہ کو بذریعہ اشتہار ہذا مطلع کیا جاتا ہے کہ وہ مورخہ 2026-08-20 کو صبح 8:30 بجے عدالت میں حاضر ہو بصورت دیگر یکطرفہ کاروائی عمل میں لائی جائے گی۔ بحکم عدالت آج مورخہ 2026 کو جاری کیا گیا۔
کورٹ نوٹس
بعدالت سینئر سول جج کراچی شرقی مقدمہ نمبر 2026 بنام اسٹیٹ مدعا علیہ کو بذریعہ اشتہار ہذا مطلع کیا جاتا ہے کہ وہ مورخہ 2026-08-20 کو صبح 8:30 بجے عدالت میں حاضر ہو بصورت دیگر یکطرفہ کاروائی عمل میں لائی جائے گی۔ بحکم عدالت آج مورخہ 2026 کو جاری کیا گیا۔
بعدالت سینئر سول جج کراچی شرقی مقدمہ نمبر 2026 بنام اسٹیٹ مدعا علیہ کو بذریعہ اشتہار ہذا مطلع کیا جاتا ہے کہ وہ مورخہ 2026-08-20 کو صبح 8:30 بجے عدالت میں حاضر ہو بصورت دیگر یکطرفہ کاروائی عمل میں لائی جائے گی۔ بحکم عدالت آج مورخہ 2026 کو جاری کیا گیا۔
بعدالت سینئر سول جج کراچی شرقی مقدمہ نمبر 2026 بنام اسٹیٹ مدعا علیہ کو بذریعہ اشتہار ہذا مطلع کیا جاتا ہے کہ وہ مورخہ 2026-08-20 کو صبح 8:30 بجے عدالت میں حاضر ہو بصورت دیگر یکطرفہ کاروائی عمل میں لائی جائے گی۔ بحکم عدالت آج مورخہ 2026 کو جاری کیا گیا۔
بعدالت سینئر سول جج کراچی شرقی مقدمہ نمبر 2026 بنام اسٹیٹ مدعا علیہ کو بذریعہ اشتہار ہذا مطلع کیا جاتا ہے کہ وہ مورخہ 2026-08-20 کو صبح 8:30 بجے عدالت میں حاضر ہو بصورت دیگر یکطرفہ کاروائی عمل میں لائی جائے گی۔ بحکم عدالت آج مورخہ 2026 کو جاری کیا گیا۔
بعدالت سینئر سول جج کراچی شرقی مقدمہ نمبر 2026 بنام اسٹیٹ مدعا علیہ کو بذریعہ اشتہار ہذا مطلع کیا جاتا ہے کہ وہ مورخہ 2026-08-20 کو صبح 8:30 بجے عدالت میں حاضر ہو بصورت دیگر یکطرفہ کاروائی عمل میں لائی جائے گی۔ بحکم عدالت آج مورخہ 2026 کو جاری کیا گیا۔
بعدالت سینئر سول جج کراچی شرقی مقدمہ نمبر 2026 بنام اسٹیٹ مدعا علیہ کو بذریعہ اشتہار ہذا مطلع کیا جاتا ہے کہ وہ مورخہ 2026-08-20 کو صبح 8:30 بجے عدالت میں حاضر ہو بصورت دیگر یکطرفہ کاروائی عمل میں لائی جائے گی۔ بحکم عدالت آج مورخہ 2026 کو جاری کیا گیا۔
Best-56
کورٹ نوٹس
بعدالت سینئر سول جج کراچی شرقی مقدمہ نمبر 2026 بنام اسٹیٹ مدعا علیہ کو بذریعہ اشتہار ہذا مطلع کیا جاتا ہے کہ وہ مورخہ 2026-08-20 کو صبح 8:30 بجے عدالت میں حاضر ہو بصورت دیگر یکطرفہ کاروائی عمل میں لائی جائے گی۔ بحکم عدالت آج مورخہ 2026 کو جاری کیا گیا۔
Best-48
بعدالت سینئر سول جج کراچی شرقی مقدمہ نمبر 2026 بنام اسٹیٹ مدعا علیہ کو بذریعہ اشتہار ہذا مطلع کیا جاتا ہے کہ وہ مورخہ 2026-08-20 کو صبح 8:30 بجے عدالت میں حاضر ہو بصورت دیگر یکطرفہ کاروائی عمل میں لائی جائے گی۔ بحکم عدالت آج مورخہ 2026 کو جاری کیا گیا۔
بعدالت سینئر سول جج کراچی شرقی مقدمہ نمبر 2026 بنام اسٹیٹ مدعا علیہ کو بذریعہ اشتہار ہذا مطلع کیا جاتا ہے کہ وہ مورخہ 2026-08-20 کو صبح 8:30 بجے عدالت میں حاضر ہو بصورت دیگر یکطرفہ کاروائی عمل میں لائی جائے گی۔ بحکم عدالت آج مورخہ 2026 کو جاری کیا گیا۔
بعدالت سینئر سول جج کراچی شرقی مقدمہ نمبر 2026 بنام اسٹیٹ مدعا علیہ کو بذریعہ اشتہار ہذا مطلع کیا جاتا ہے کہ وہ مورخہ 2026-08-20 کو صبح 8:30 بجے عدالت میں حاضر ہو بصورت دیگر یکطرفہ کاروائی عمل میں لائی جائے گی۔ بحکم عدالت آج مورخہ 2026 کو جاری کیا گیا۔
بعدالت سینئر سول جج کراچی شرقی مقدمہ نمبر 2026 بنام اسٹیٹ مدعا علیہ کو بذریعہ اشتہار ہذا مطلع کیا جاتا ہے کہ وہ مورخہ 2026-08-20 کو صبح 8:30 بجے عدالت میں حاضر ہو بصورت دیگر یکطرفہ کاروائی عمل میں لائی جائے گی۔ بحکم عدالت آج مورخہ 2026 کو جاری کیا گیا۔
بعدالت سینئر سول جج کراچی شرقی مقدمہ نمبر 2026 بنام اسٹیٹ مدعا علیہ کو بذریعہ اشتہار ہذا مطلع کیا جاتا ہے کہ وہ مورخہ 2026-08-20 کو صبح 8:30 بجے عدالت میں حاضر ہو بصورت دیگر یکطرفہ کاروائی عمل میں لائی جائے گی۔ بحکم عدالت آج مورخہ 2026 کو جاری کیا گیا۔
Best-57
کورٹ نوٹس
بعدالت سینئر سول جج کراچی شرقی مقدمہ نمبر 2026 بنام اسٹیٹ مدعا علیہ کو بذریعہ اشتہار ہذا مطلع کیا جاتا ہے کہ وہ مورخہ 2026-08-20 کو صبح 8:30 بجے عدالت میں حاضر ہو بصورت دیگر یکطرفہ کاروائی عمل میں لائی جائے گی۔ بحکم عدالت آج مورخہ 2026 کو جاری کیا گیا۔
Best-49
بعدالت سینئر سول جج کراچی شرقی مقدمہ نمبر 2026 بنام اسٹیٹ مدعا علیہ کو بذریعہ اشتہار ہذا مطلع کیا جاتا ہے کہ وہ مورخہ 2026-08-20 کو صبح 8:30 بجے عدالت میں حاضر ہو بصورت دیگر یکطرفہ کاروائی عمل میں لائی جائے گی۔ بحکم عدالت آج مورخہ 2026 کو جاری کیا گیا۔
بعدالت سینئر سول جج کراچی شرقی مقدمہ نمبر 2026 بنام اسٹیٹ مدعا علیہ کو بذریعہ اشتہار ہذا مطلع کیا جاتا ہے کہ وہ مورخہ 2026-08-20 کو صبح 8:30 بجے عدالت میں حاضر ہو بصورت دیگر یکطرفہ کاروائی عمل میں لائی جائے گی۔ بحکم عدالت آج مورخہ 2026 کو جاری کیا گیا۔
بعدالت سینئر سول جج کراچی شرقی مقدمہ نمبر 2026 بنام اسٹیٹ مدعا علیہ کو بذریعہ اشتہار ہذا مطلع کیا جاتا ہے کہ وہ مورخہ 2026-08-20 کو صبح 8:30 بجے عدالت میں حاضر ہو بصورت دیگر یکطرفہ کاروائی عمل میں لائی جائے گی۔ بحکم عدالت آج مورخہ 2026 کو جاری کیا گیا۔
بعدالت سینئر سول جج کراچی شرقی مقدمہ نمبر 2026 بنام اسٹیٹ مدعا علیہ کو بذریعہ اشتہار ہذا مطلع کیا جاتا ہے کہ وہ مورخہ 2026-08-20 کو صبح 8:30 بجے عدالت میں حاضر ہو بصورت دیگر یکطرفہ کاروائی عمل میں لائی جائے گی۔ بحکم عدالت آج مورخہ 2026 کو جاری کیا گیا۔
بعدالت سینئر سول جج کراچی شرقی مقدمہ نمبر 2026 بنام اسٹیٹ مدعا علیہ کو بذریعہ اشتہار ہذا مطلع کیا جاتا ہے کہ وہ مورخہ 2026-08-20 کو صبح 8:30 بجے عدالت میں حاضر ہو بصورت دیگر یکطرفہ کاروائی عمل میں لائی جائے گی۔ بحکم عدالت آج مورخہ 2026 کو جاری کیا گیا۔
Best-58
کورٹ نوٹس
بعدالت سینئر سول جج کراچی شرقی مقدمہ نمبر 2026 بنام اسٹیٹ مدعا علیہ کو بذریعہ اشتہار ہذا مطلع کیا جاتا ہے کہ وہ مورخہ 2026-08-20 کو صبح 8:30 بجے عدالت میں حاضر ہو بصورت دیگر یکطرفہ کاروائی عمل میں لائی جائے گی۔ بحکم عدالت آج مورخہ 2026 کو جاری کیا گیا۔
Best-50
بعدالت سینئر سول جج کراچی شرقی مقدمہ نمبر 2026 بنام اسٹیٹ مدعا علیہ کو بذریعہ اشتہار ہذا مطلع کیا جاتا ہے کہ وہ مورخہ 2026-08-20 کو صبح 8:30 بجے عدالت میں حاضر ہو بصورت دیگر یکطرفہ کاروائی عمل میں لائی جائے گی۔ بحکم عدالت آج مورخہ 2026 کو جاری کیا گیا۔
بعدالت سینئر سول جج کراچی شرقی مقدمہ نمبر 2026 بنام اسٹیٹ مدعا علیہ کو بذریعہ اشتہار ہذا مطلع کیا جاتا ہے کہ وہ مورخہ 2026-08-20 کو صبح 8:30 بجے عدالت میں حاضر ہو بصورت دیگر یکطرفہ کاروائی عمل میں لائی جائے گی۔ بحکم عدالت آج مورخہ 2026 کو جاری کیا گیا۔
بعدالت سینئر سول جج کراچی شرقی مقدمہ نمبر 2026 بنام اسٹیٹ مدعا علیہ کو بذریعہ اشتہار ہذا مطلع کیا جاتا ہے کہ وہ مورخہ 2026-08-20 کو صبح 8:30 بجے عدالت میں حاضر ہو بصورت دیگر یکطرفہ کاروائی عمل میں لائی جائے گی۔ بحکم عدالت آج مورخہ 2026 کو جاری کیا گیا۔
بعدالت سینئر سول جج کراچی شرقی مقدمہ نمبر 2026 بنام اسٹیٹ مدعا علیہ کو بذریعہ اشتہار ہذا مطلع کیا جاتا ہے کہ وہ مورخہ 2026-08-20 کو صبح 8:30 بجے عدالت میں حاضر ہو بصورت دیگر یکطرفہ کاروائی عمل میں لائی جائے گی۔ بحکم عدالت آج مورخہ 2026 کو جاری کیا گیا۔
بعدالت سینئر سول جج کراچی شرقی مقدمہ نمبر 2026 بنام اسٹیٹ مدعا علیہ کو بذریعہ اشتہار ہذا مطلع کیا جاتا ہے کہ وہ مورخہ 2026-08-20 کو صبح 8:30 بجے عدالت میں حاضر ہو بصورت دیگر یکطرفہ کاروائی عمل میں لائی جائے گی۔ بحکم عدالت آج مورخہ 2026 کو جاری کیا گیا۔
Best-59
ضرورت کے مطابق	6 ماہ	1500/-	0.121	2.416	واٹر سپلائی اسکیم (پائپ لائن کی تنصیب)	1
ضرورت کے مطابق	6 ماہ	1500/-	0.183	3.656	سیوریج اسکیم کی بحالی اور مرمت	2
ضرورت کے مطابق	6 ماہ	1500/-	0.170	3.397	واٹر سپلائی پائپ لائن کی تبدیلی	3
ضرورت کے مطابق	6 ماہ	1500/-	0.170	3.394	ڈرینیج اسکیم کی مرمت اور بحالی	4
http://portalsindh.eprocure.gov.pk/ ٹینڈر دستاویزات EPADS پر دستیاب ہیں۔
EPADS پر رجسٹرڈ بولی دہندگان ہی بولی جمع کرا سکتے ہیں۔
ٹینڈر جمع کرانے کی آخری تاریخ 15-09-2026 وقت 01:00 بجے دوپہر
ٹینڈر کھولنے کی تاریخ 15-09-2026 وقت 01:30 بجے دوپہر
SPPRA EPADS قواعد 2010 کے مطابق کاروائی کی جائے گی۔
PEC (CE-11/CE-10/CE-09/CE-01) کے ساتھ رجسٹریشن لازمی ہے۔
NTN / SRB رجسٹریشن کی تصدیق شدہ نقول لازمی ہیں۔
ICAP، انکم ٹیکس اور سیلز ٹیکس کے گوشوارے منسلک کیے جائیں۔
مجاز اتھارٹی کسی بھی یا تمام ٹینڈرز کو مسترد کرنے کا حق رکھتی ہے۔
ایگزیکٹو انجینئر
پبلک ہیلتھ انجینئرنگ (DEV) ڈویژن
میر پور خاص
INF-KRY 3612/2026
WORK FOR SINDH
JOBS PORTAL BY INFORMATION DEPARTMENT
دفتر برائے ایگزیکٹو انجینئر
پبلک ہیلتھ انجینئرنگ (DEV) ڈویژن
میر پور خاص
No.TC/NIT/217/2026	پتہ: نزد اولڈ پولیس اسٹیشن میر پور خاص
19-08-2026
ٹینڈر نوٹس (بذریعہ EPADS)
حصول کا طریقہ: سنگل اسٹیج ون لفافہ
(EPADS) E-Pak Acquisition and Disposal System کے ذریعے قابل ٹھیکیداروں سے ٹینڈرز طلب کیے جاتے ہیں https://portalsindh.eprocure.gov.pk
PEC زمرہ	تکمیل کی مدت	ٹینڈر فیس	زر ضمانت 2% (ملین)	تخمینہ لاگت (ملین)	اسکیم / کام کی تفصیل	نمبر شمار
C-6 اور اس سے اوپر	6 ماہ	5000/-	0.381	7.611	واٹر سپلائی اسکیم، پائپ لائن کی تنصیب اور متعلقہ کام UC-11 (2000-R1)	1
C-6 اور اس سے اوپر	6 ماہ	5000/-	0.375	7.500	پائپ لائن کی تبدیلی اور متعلقہ کام (2000-R1)	2
C-6 اور اس سے اوپر	6 ماہ	5000/-	0.527	10.548	پائپ لائن کی بحالی دیہہ جہان پور شمالی (2000-R1)	3
C-6 اور اس سے اوپر	6 ماہ	5000/-	0.484	9.677	فلٹر پلانٹ RO کی تنصیب Deh-78	4
C-6 اور اس سے اوپر	6 ماہ	5000/-	0.468	9.534	UC-08 ڈرینیج اسکیم سیوریج لائن	5
ضرورت کے مطابق	6 ماہ	1500/-	0.092	1.859	واٹر سپلائی لائن کی مرمت	6
ضرورت کے مطابق	6 ماہ	1500/-	0.050	0.997	سیوریج لائن UC-3 کی مرمت	7
ضرورت کے مطابق	6 ماہ	1500/-	0.050	0.997	ڈرینیج لائن UC-1 کی مرمت	8
C-6 اور اس سے اوپر	6 ماہ	5000/-	0.282	5.640	Deh-27/278/280 پائپ لائن کی تبدیلی	9
ضرورت کے مطابق	6 ماہ	1500/-	0.020	0.399	01-No Culvert Village Nawab Khan Nohani UC-Deh-142	10
ضرورت کے مطابق	6 ماہ	1500/-	0.020	0.399	No Culvert Village+01 Deh-142 UC	11
ضرورت کے مطابق	6 ماہ	1500/-	0.020	0.399	No Culvert Village+01 UC-Deh-142/12	12
ضرورت کے مطابق	6 ماہ	1500/-	0.020	0.399	01-No Culvert Village Kamrod Bhoro Bheel ADP	13
